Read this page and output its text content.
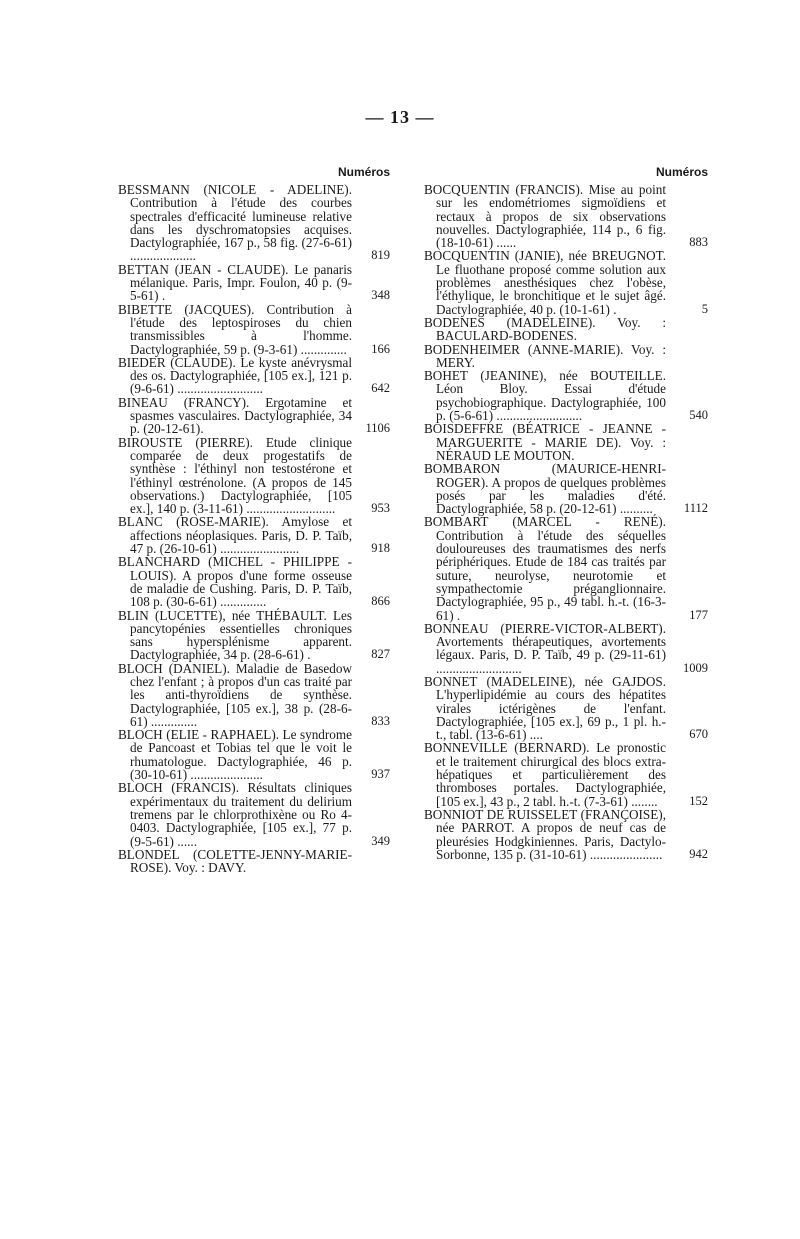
— 13 —
Numéros
BESSMANN (NICOLE - ADELINE). Contribution à l'étude des courbes spectrales d'efficacité lumineuse relative dans les dyschromatopsies acquises. Dactylographiée, 167 p., 58 fig. (27-6-61) ....................	819
BETTAN (JEAN - CLAUDE). Le panaris mélanique. Paris, Impr. Foulon, 40 p. (9-5-61) .	348
BIBETTE (JACQUES). Contribution à l'étude des leptospiroses du chien transmissibles à l'homme. Dactylographiée, 59 p. (9-3-61) .............. 166
BIEDER (CLAUDE). Le kyste anévrysmal des os. Dactylographiée, [105 ex.], 121 p. (9-6-61) ..........................	642
BINEAU (FRANCY). Ergotamine et spasmes vasculaires. Dactylographiée, 34 p. (20-12-61).	1106
BIROUSTE (PIERRE). Etude clinique comparée de deux progestatifs de synthèse : l'éthinyl non testostérone et l'éthinyl œstrénolone. (A propos de 145 observations.) Dactylographiée, [105 ex.], 140 p. (3-11-61) ...........................	953
BLANC (ROSE-MARIE). Amylose et affections néoplasiques. Paris, D. P. Taïb, 47 p. (26-10-61) ........................	918
BLANCHARD (MICHEL - PHILIPPE - LOUIS). A propos d'une forme osseuse de maladie de Cushing. Paris, D. P. Taïb, 108 p. (30-6-61) ..............	866
BLIN (LUCETTE), née THÉBAULT. Les pancytopénies essentielles chroniques sans hypersplénisme apparent. Dactylographiée, 34 p. (28-6-61) .	827
BLOCH (DANIEL). Maladie de Basedow chez l'enfant ; à propos d'un cas traité par les anti-thyroïdiens de synthèse. Dactylographiée, [105 ex.], 38 p. (28-6-61) ..............	833
BLOCH (ELIE - RAPHAEL). Le syndrome de Pancoast et Tobias tel que le voit le rhumatologue. Dactylographiée, 46 p. (30-10-61) ......................	937
BLOCH (FRANCIS). Résultats cliniques expérimentaux du traitement du delirium tremens par le chlorprothixène ou Ro 4-0403. Dactylographiée, [105 ex.], 77 p. (9-5-61) ......	349
BLONDEL (COLETTE-JENNY-MARIE-ROSE). Voy. : DAVY.
Numéros
BOCQUENTIN (FRANCIS). Mise au point sur les endométriomes sigmoïdiens et rectaux à propos de six observations nouvelles. Dactylographiée, 114 p., 6 fig. (18-10-61) ......	883
BOCQUENTIN (JANIE), née BREUGNOT. Le fluothane proposé comme solution aux problèmes anesthésiques chez l'obèse, l'éthylique, le bronchitique et le sujet âgé. Dactylographiée, 40 p. (10-1-61) .	5
BODENES (MADELEINE). Voy. : BACULARD-BODENES.
BODENHEIMER (ANNE-MARIE). Voy. : MERY.
BOHET (JEANINE), née BOUTEILLE. Léon Bloy. Essai d'étude psychobiographique. Dactylographiée, 100 p. (5-6-61) ..........................	540
BOISDEFFRE (BÉATRICE - JEANNE - MARGUERITE - MARIE DE). Voy. : NÉRAUD LE MOUTON.
BOMBARON (MAURICE-HENRI-ROGER). A propos de quelques problèmes posés par les maladies d'été. Dactylographiée, 58 p. (20-12-61) .......... 1112
BOMBART (MARCEL - RENÉ). Contribution à l'étude des séquelles douloureuses des traumatismes des nerfs périphériques. Etude de 184 cas traités par suture, neurolyse, neurotomie et sympathectomie préganglionnaire. Dactylographiée, 95 p., 49 tabl. h.-t. (16-3-61) .	177
BONNEAU (PIERRE-VICTOR-ALBERT). Avortements thérapeutiques, avortements légaux. Paris, D. P. Taïb, 49 p. (29-11-61) ..........................	1009
BONNET (MADELEINE), née GAJDOS. L'hyperlipidémie au cours des hépatites virales ictérigènes de l'enfant. Dactylographiée, [105 ex.], 69 p., 1 pl. h.-t., tabl. (13-6-61) ....	670
BONNEVILLE (BERNARD). Le pronostic et le traitement chirurgical des blocs extra-hépatiques et particulièrement des thromboses portales. Dactylographiée, [105 ex.], 43 p., 2 tabl. h.-t. (7-3-61) ........	152
BONNIOT DE RUISSELET (FRANÇOISE), née PARROT. A propos de neuf cas de pleurésies Hodgkiniennes. Paris, Dactylo-Sorbonne, 135 p. (31-10-61) ...................... 942
